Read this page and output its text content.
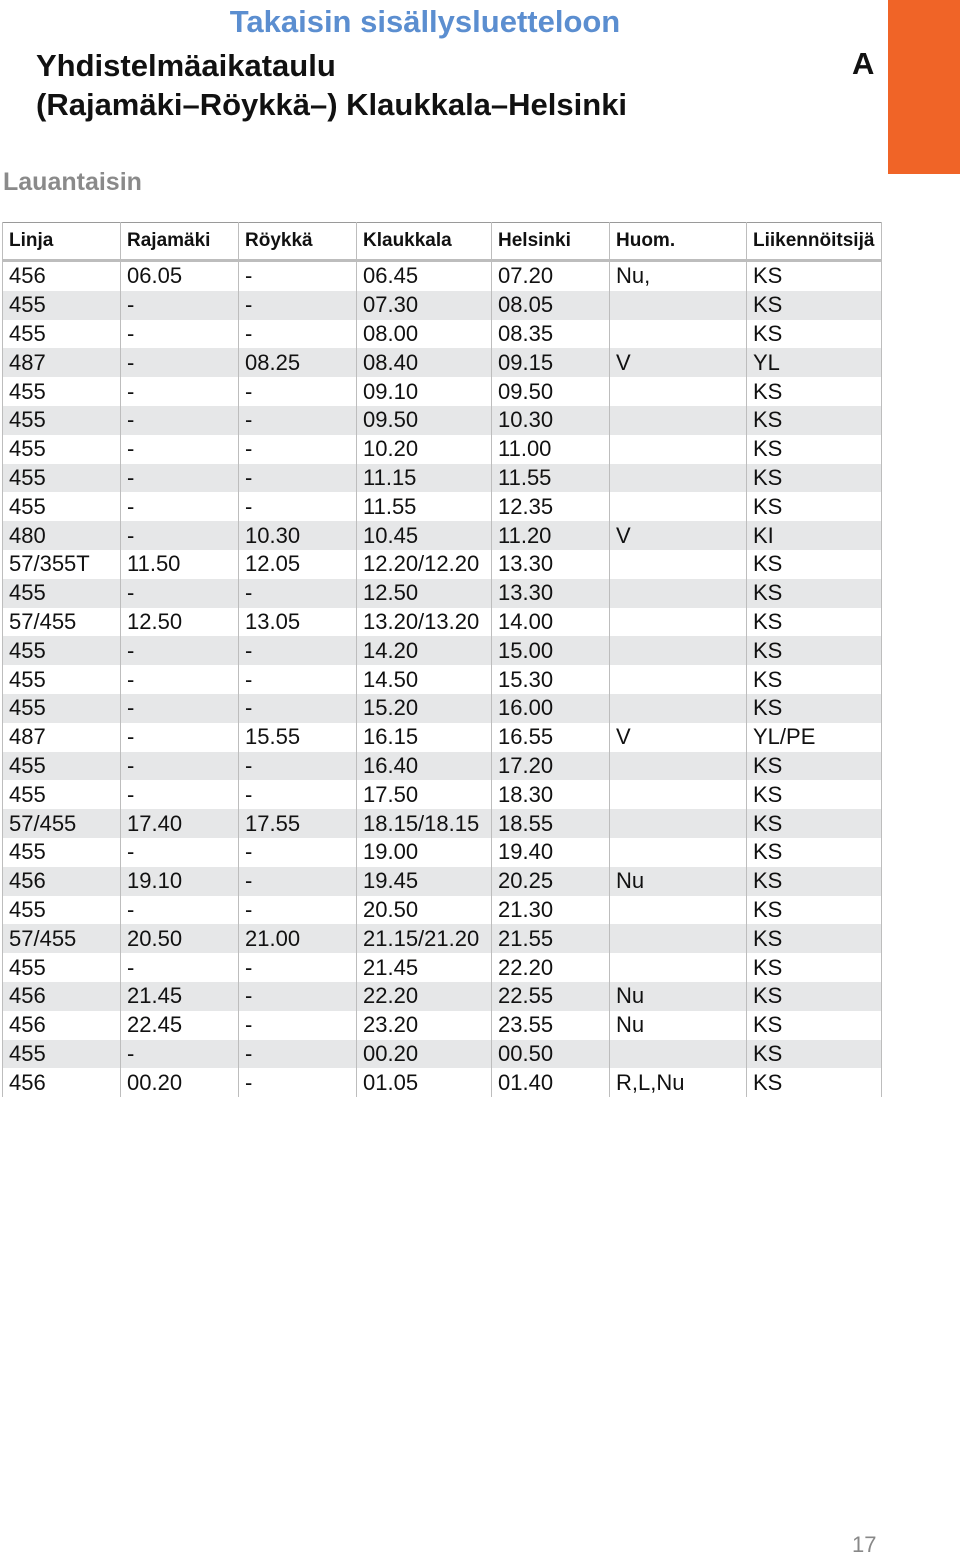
Takaisin sisällysluetteloon
Yhdistelmäaikataulu
(Rajamäki–Röykkä–) Klaukkala–Helsinki
A
Lauantaisin
Linja	Rajamäki	Röykkä	Klaukkala	Helsinki	Huom.	Liikennöitsijä
456	06.05	-	06.45	07.20	Nu,	KS
455	-	-	07.30	08.05		KS
455	-	-	08.00	08.35		KS
487	-	08.25	08.40	09.15	V	YL
455	-	-	09.10	09.50		KS
455	-	-	09.50	10.30		KS
455	-	-	10.20	11.00		KS
455	-	-	11.15	11.55		KS
455	-	-	11.55	12.35		KS
480	-	10.30	10.45	11.20	V	KI
57/355T	11.50	12.05	12.20/12.20	13.30		KS
455	-	-	12.50	13.30		KS
57/455	12.50	13.05	13.20/13.20	14.00		KS
455	-	-	14.20	15.00		KS
455	-	-	14.50	15.30		KS
455	-	-	15.20	16.00		KS
487	-	15.55	16.15	16.55	V	YL/PE
455	-	-	16.40	17.20		KS
455	-	-	17.50	18.30		KS
57/455	17.40	17.55	18.15/18.15	18.55		KS
455	-	-	19.00	19.40		KS
456	19.10	-	19.45	20.25	Nu	KS
455	-	-	20.50	21.30		KS
57/455	20.50	21.00	21.15/21.20	21.55		KS
455	-	-	21.45	22.20		KS
456	21.45	-	22.20	22.55	Nu	KS
456	22.45	-	23.20	23.55	Nu	KS
455	-	-	00.20	00.50		KS
456	00.20	-	01.05	01.40	R,L,Nu	KS
17
